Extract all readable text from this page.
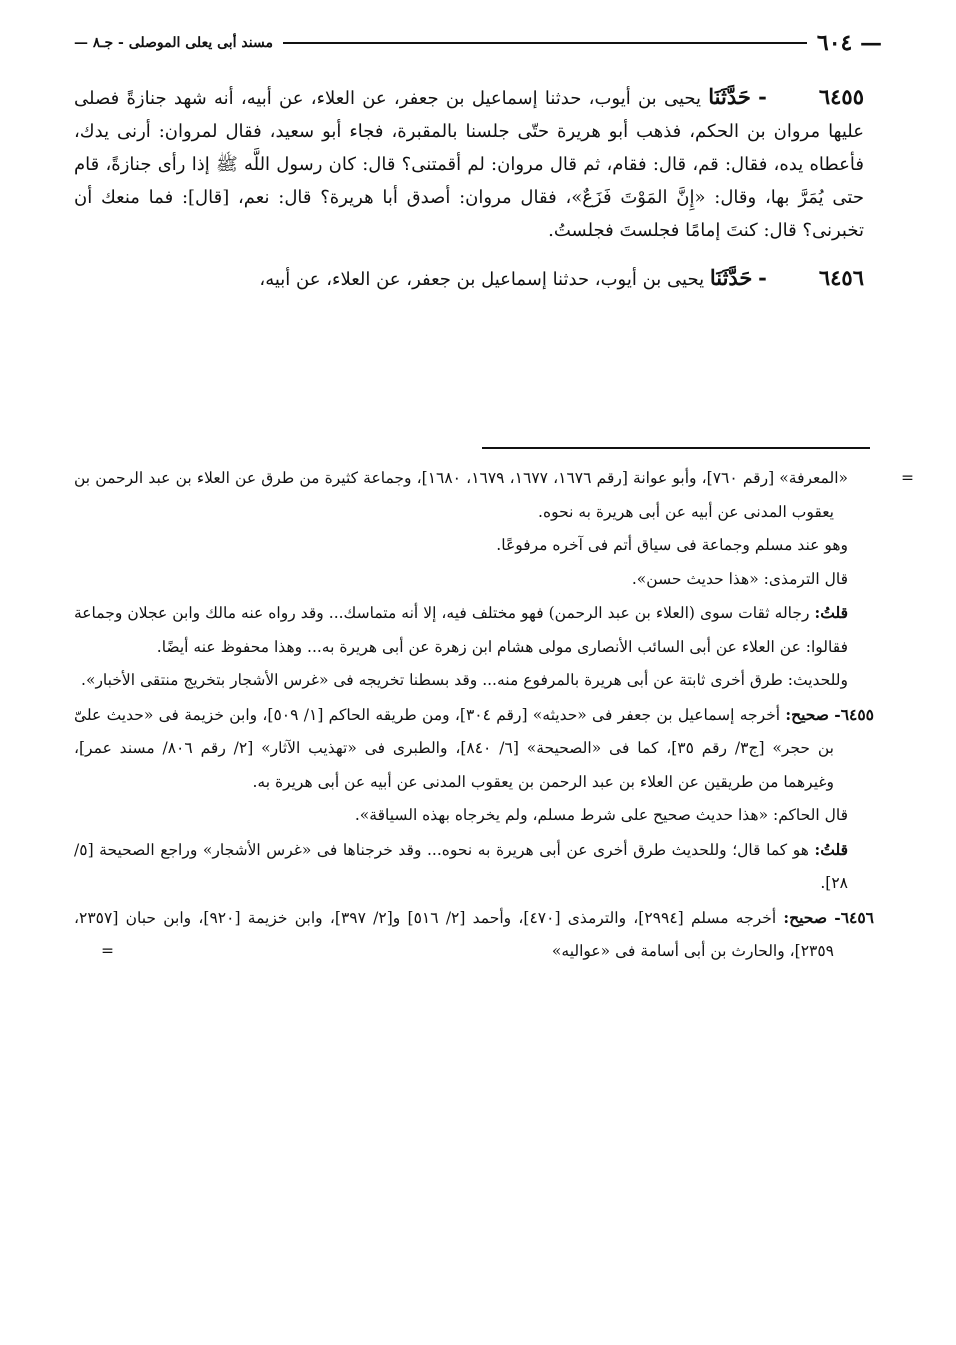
— ٦٠٤
مسند أبى يعلى الموصلى - جـ٨ —

٦٤٥٥- حَدَّثَنَا يحيى بن أيوب، حدثنا إسماعيل بن جعفر، عن العلاء، عن أبيه، أنه شهد جنازةً فصلى عليها مروان بن الحكم، فذهب أبو هريرة حتّى جلسنا بالمقبرة، فجاء أبو سعيد، فقال لمروان: أرنى يدك، فأعطاه يده، فقال: قم، قال: فقام، ثم قال مروان: لم أقمتنى؟ قال: كان رسول اللَّه ﷺ إذا رأى جنازةً، قام حتى يُمَرَّ بها، وقال: «إِنَّ المَوْتَ فَزَعٌ»، فقال مروان: أصدق أبا هريرة؟ قال: نعم، [قال]: فما منعك أن تخبرنى؟ قال: كنتَ إمامًا فجلستَ فجلستُ.

٦٤٥٦- حَدَّثَنَا يحيى بن أيوب، حدثنا إسماعيل بن جعفر، عن العلاء، عن أبيه،

=«المعرفة» [رقم ٧٦٠]، وأبو عوانة [رقم ١٦٧٦، ١٦٧٧، ١٦٧٩، ١٦٨٠]، وجماعة كثيرة من طرق عن العلاء بن عبد الرحمن بن يعقوب المدنى عن أبيه عن أبى هريرة به نحوه.

وهو عند مسلم وجماعة فى سياق أتم فى آخره مرفوعًا.

قال الترمذى: «هذا حديث حسن».

قلتُ: رجاله ثقات سوى (العلاء بن عبد الرحمن) فهو مختلف فيه، إلا أنه متماسك... وقد رواه عنه مالك وابن عجلان وجماعة فقالوا: عن العلاء عن أبى السائب الأنصارى مولى هشام ابن زهرة عن أبى هريرة به... وهذا محفوظ عنه أيضًا.

وللحديث: طرق أخرى ثابتة عن أبى هريرة بالمرفوع منه... وقد بسطنا تخريجه فى «غرس الأشجار بتخريج منتقى الأخبار».

٦٤٥٥- صحيح: أخرجه إسماعيل بن جعفر فى «حديثه» [رقم ٣٠٤]، ومن طريقه الحاكم [١/ ٥٠٩]، وابن خزيمة فى «حديث علىّ بن حجر» [ج٣/ رقم ٣٥]، كما فى «الصحيحة» [٦/ ٨٤٠]، والطبرى فى «تهذيب الآثار» [٢/ رقم ٨٠٦/ مسند عمر]، وغيرهما من طريقين عن العلاء بن عبد الرحمن بن يعقوب المدنى عن أبيه عن أبى هريرة به.

قال الحاكم: «هذا حديث صحيح على شرط مسلم، ولم يخرجاه بهذه السياقة».

قلتُ: هو كما قال؛ وللحديث طرق أخرى عن أبى هريرة به نحوه... وقد خرجناها فى «غرس الأشجار» وراجع الصحيحة [٥/ ٢٨].

٦٤٥٦- صحيح: أخرجه مسلم [٢٩٩٤]، والترمذى [٤٧٠]، وأحمد [٢/ ٥١٦] و[٢/ ٣٩٧]، وابن خزيمة [٩٢٠]، وابن حبان [٢٣٥٧، ٢٣٥٩]، والحارث بن أبى أسامة فى «عواليه»
=
